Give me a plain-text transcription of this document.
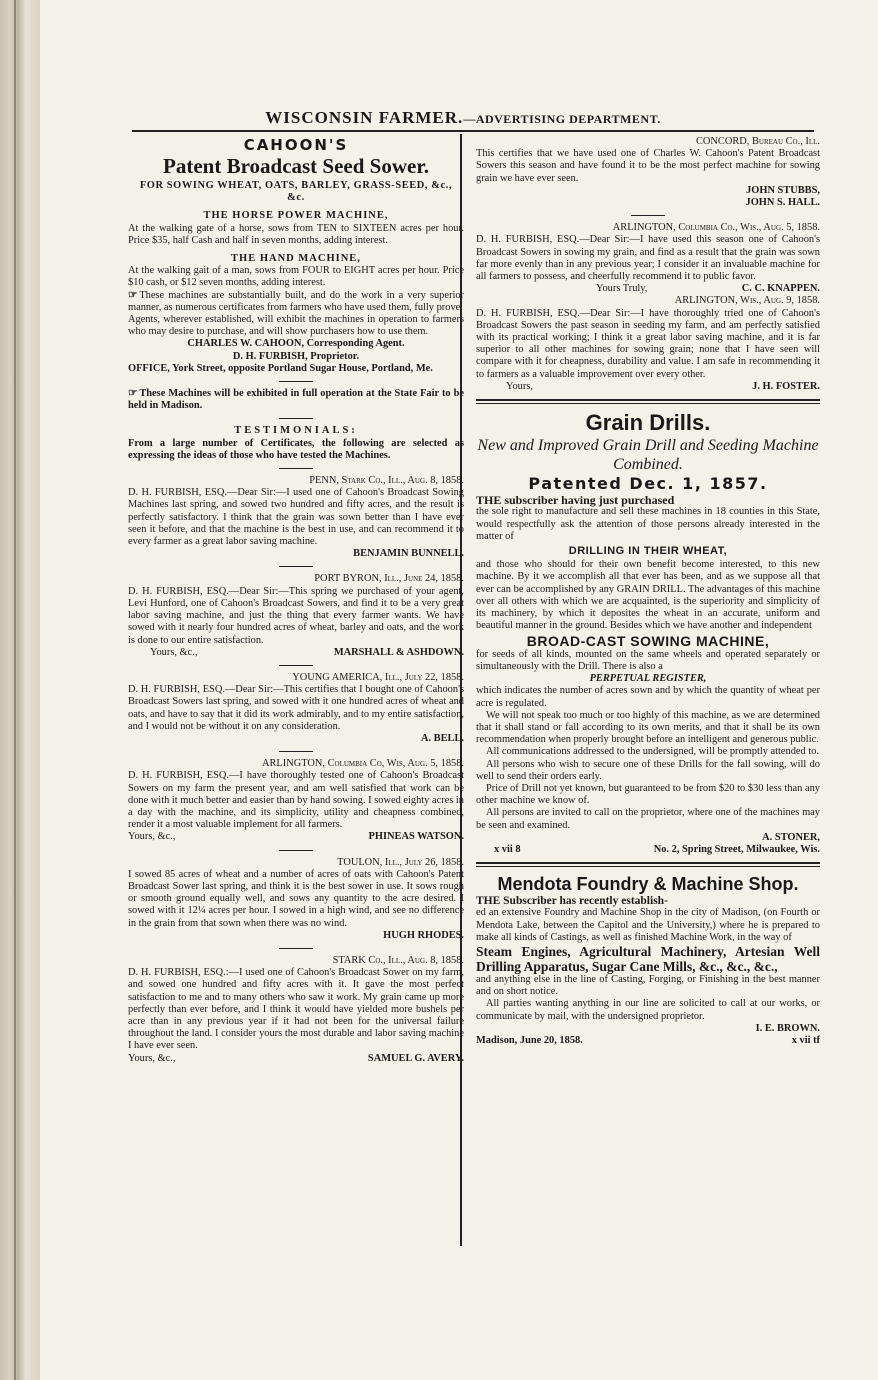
WISCONSIN FARMER.—ADVERTISING DEPARTMENT.
CAHOON'S
Patent Broadcast Seed Sower.
FOR SOWING WHEAT, OATS, BARLEY, GRASS-SEED, &c., &c.
THE HORSE POWER MACHINE,

At the walking gate of a horse, sows from TEN to SIXTEEN acres per hour. Price $35, half Cash and half in seven months, adding interest.

THE HAND MACHINE,

At the walking gait of a man, sows from FOUR to EIGHT acres per hour. Price $10 cash, or $12 seven months, adding interest.

☞ These machines are substantially built, and do the work in a very superior manner, as numerous certificates from farmers who have used them, fully prove.

Agents, wherever established, will exhibit the machines in operation to farmers who may desire to purchase, and will show purchasers how to use them.

CHARLES W. CAHOON, Corresponding Agent.

D. H. FURBISH, Proprietor.

OFFICE, York Street, opposite Portland Sugar House, Portland, Me.

☞ These Machines will be exhibited in full operation at the State Fair to be held in Madison.

TESTIMONIALS:

From a large number of Certificates, the following are selected as expressing the ideas of those who have tested the Machines.

PENN, Stark Co., Ill., Aug. 8, 1858.

D. H. FURBISH, ESQ.—Dear Sir:—I used one of Cahoon's Broadcast Sowing Machines last spring, and sowed two hundred and fifty acres, and the result is perfectly satisfactory. I think that the grain was sown better than I have ever seen it before, and that the machine is the best in use, and can recommend it to every farmer as a great labor saving machine.

BENJAMIN BUNNELL.

PORT BYRON, Ill., June 24, 1858.

D. H. FURBISH, ESQ.—Dear Sir:—This spring we purchased of your agent, Levi Hunford, one of Cahoon's Broadcast Sowers, and find it to be a very great labor saving machine, and just the thing that every farmer wants. We have sowed with it nearly four hundred acres of wheat, barley and oats, and the work is done to our entire satisfaction.

Yours, &c.,	MARSHALL & ASHDOWN.

YOUNG AMERICA, Ill., July 22, 1858.

D. H. FURBISH, ESQ.—Dear Sir:—This certifies that I bought one of Cahoon's Broadcast Sowers last spring, and sowed with it one hundred acres of wheat and oats, and have to say that it did its work admirably, and to my entire satisfaction, and I would not be without it on any consideration.

A. BELL.

ARLINGTON, Columbia Co, Wis, Aug. 5, 1858.

D. H. FURBISH, ESQ.—I have thoroughly tested one of Cahoon's Broadcast Sowers on my farm the present year, and am well satisfied that work can be done with it much better and easier than by hand sowing. I sowed eighty acres in a day with the machine, and its simplicity, utility and cheapness combined, render it a most valuable implement for all farmers.

Yours, &c.,	PHINEAS WATSON.

TOULON, Ill., July 26, 1858.

I sowed 85 acres of wheat and a number of acres of oats with Cahoon's Patent Broadcast Sower last spring, and think it is the best sower in use. It sows rough or smooth ground equally well, and sows any quantity to the acre desired. I sowed with it 12¼ acres per hour. I sowed in a high wind, and see no difference in the grain from that sown when there was no wind.

HUGH RHODES.

STARK Co., Ill., Aug. 8, 1858.

D. H. FURBISH, ESQ.:—I used one of Cahoon's Broadcast Sower on my farm, and sowed one hundred and fifty acres with it. It gave the most perfect satisfaction to me and to many others who saw it work. My grain came up more perfectly than ever before, and I think it would have yielded more bushels per acre than in any previous year if it had not been for the universal failure throughout the land. I consider yours the most durable and labor saving machine I have ever seen.

Yours, &c.,	SAMUEL G. AVERY.

CONCORD, Bureau Co., Ill.

This certifies that we have used one of Charles W. Cahoon's Patent Broadcast Sowers this season and have found it to be the most perfect machine for sowing grain we have ever seen.

JOHN STUBBS,

JOHN S. HALL.

ARLINGTON, Columbia Co., Wis., Aug. 5, 1858.

D. H. FURBISH, ESQ.—Dear Sir:—I have used this season one of Cahoon's Broadcast Sowers in sowing my grain, and find as a result that the grain was sown far more evenly than in any previous year; I consider it an invaluable machine for all farmers to possess, and cheerfully recommend it to public favor.

Yours Truly,	C. C. KNAPPEN.

ARLINGTON, Wis., Aug. 9, 1858.

D. H. FURBISH, ESQ.—Dear Sir:—I have thoroughly tried one of Cahoon's Broadcast Sowers the past season in seeding my farm, and am perfectly satisfied with its practical working; I think it a great labor saving machine, and it is far superior to all other machines for sowing grain; none that I have seen will compare with it for cheapness, durability and value. I am safe in recommending it to farmers as a valuable improvement over every other.

Yours,	J. H. FOSTER.
Grain Drills.
New and Improved Grain Drill and Seeding Machine Combined.
Patented Dec. 1, 1857.

THE subscriber having just purchased

the sole right to manufacture and sell these machines in 18 counties in this State, would respectfully ask the attention of those persons already interested in the matter of

DRILLING IN THEIR WHEAT,

and those who should for their own benefit become interested, to this new machine. By it we accomplish all that ever has been, and as we suppose all that ever can be accomplished by any GRAIN DRILL. The advantages of this machine over all others with which we are acquainted, is the superiority and simplicity of its machinery, by which it deposites the wheat in an accurate, uniform and beautiful manner in the ground. Besides which we have another and independent

BROAD-CAST SOWING MACHINE,

for seeds of all kinds, mounted on the same wheels and operated separately or simultaneously with the Drill. There is also a

PERPETUAL REGISTER,

which indicates the number of acres sown and by which the quantity of wheat per acre is regulated.

We will not speak too much or too highly of this machine, as we are determined that it shall stand or fall according to its own merits, and that it shall be its own recommendation when properly brought before an intelligent and generous public.

All communications addressed to the undersigned, will be promptly attended to.

All persons who wish to secure one of these Drills for the fall sowing, will do well to send their orders early.

Price of Drill not yet known, but guaranteed to be from $20 to $30 less than any other machine we know of.

All persons are invited to call on the proprietor, where one of the machines may be seen and examined.

A. STONER,

x vii 8	No. 2, Spring Street, Milwaukee, Wis.
Mendota Foundry & Machine Shop.

THE Subscriber has recently establish-

ed an extensive Foundry and Machine Shop in the city of Madison, (on Fourth or Mendota Lake, between the Capitol and the University,) where he is prepared to make all kinds of Castings, as well as finished Machine Work, in the way of

Steam Engines, Agricultural Machinery, Artesian Well Drilling Apparatus, Sugar Cane Mills, &c., &c., &c.,

and anything else in the line of Casting, Forging, or Finishing in the best manner and on short notice.

All parties wanting anything in our line are solicited to call at our works, or communicate by mail, with the undersigned proprietor.

I. E. BROWN.

Madison, June 20, 1858.	x vii tf
